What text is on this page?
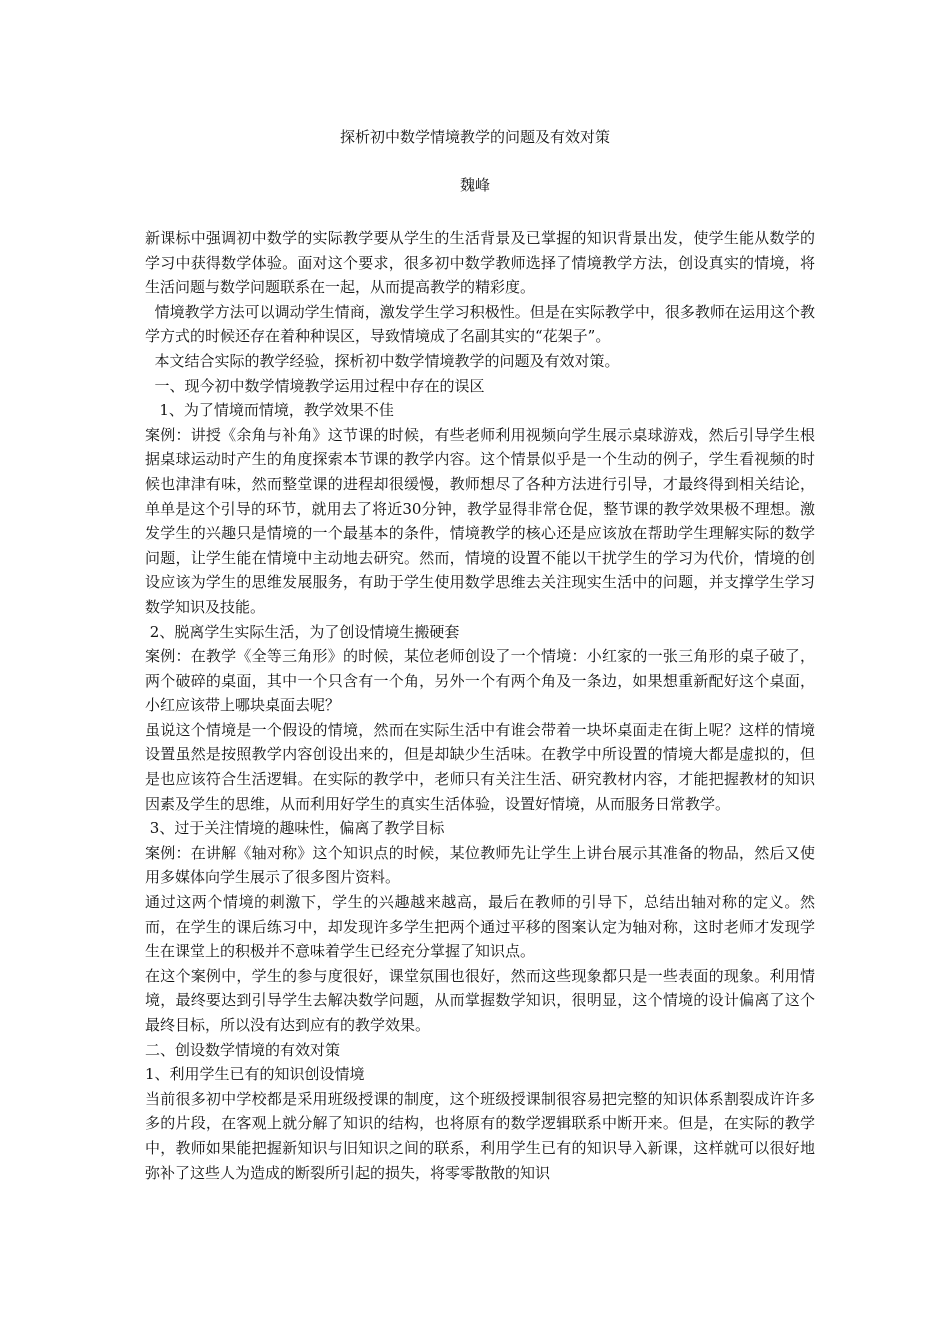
探析初中数学情境教学的问题及有效对策
魏峰

新课标中强调初中数学的实际教学要从学生的生活背景及已掌握的知识背景出发，使学生能从数学的学习中获得数学体验。面对这个要求，很多初中数学教师选择了情境教学方法，创设真实的情境，将生活问题与数学问题联系在一起，从而提高教学的精彩度。

情境教学方法可以调动学生情商，激发学生学习积极性。但是在实际教学中，很多教师在运用这个教学方式的时候还存在着种种误区，导致情境成了名副其实的“花架子”。

本文结合实际的教学经验，探析初中数学情境教学的问题及有效对策。

一、现今初中数学情境教学运用过程中存在的误区

1、为了情境而情境，教学效果不佳

案例：讲授《余角与补角》这节课的时候，有些老师利用视频向学生展示桌球游戏，然后引导学生根据桌球运动时产生的角度探索本节课的教学内容。这个情景似乎是一个生动的例子，学生看视频的时候也津津有味，然而整堂课的进程却很缓慢，教师想尽了各种方法进行引导，才最终得到相关结论，单单是这个引导的环节，就用去了将近30分钟，教学显得非常仓促，整节课的教学效果极不理想。激发学生的兴趣只是情境的一个最基本的条件，情境教学的核心还是应该放在帮助学生理解实际的数学问题，让学生能在情境中主动地去研究。然而，情境的设置不能以干扰学生的学习为代价，情境的创设应该为学生的思维发展服务，有助于学生使用数学思维去关注现实生活中的问题，并支撑学生学习数学知识及技能。

2、脱离学生实际生活，为了创设情境生搬硬套

案例：在教学《全等三角形》的时候，某位老师创设了一个情境：小红家的一张三角形的桌子破了，两个破碎的桌面，其中一个只含有一个角，另外一个有两个角及一条边，如果想重新配好这个桌面，小红应该带上哪块桌面去呢？

虽说这个情境是一个假设的情境，然而在实际生活中有谁会带着一块坏桌面走在街上呢？这样的情境设置虽然是按照教学内容创设出来的，但是却缺少生活味。在教学中所设置的情境大都是虚拟的，但是也应该符合生活逻辑。在实际的教学中，老师只有关注生活、研究教材内容，才能把握教材的知识因素及学生的思维，从而利用好学生的真实生活体验，设置好情境，从而服务日常教学。

3、过于关注情境的趣味性，偏离了教学目标

案例：在讲解《轴对称》这个知识点的时候，某位教师先让学生上讲台展示其准备的物品，然后又使用多媒体向学生展示了很多图片资料。

通过这两个情境的刺激下，学生的兴趣越来越高，最后在教师的引导下，总结出轴对称的定义。然而，在学生的课后练习中，却发现许多学生把两个通过平移的图案认定为轴对称，这时老师才发现学生在课堂上的积极并不意味着学生已经充分掌握了知识点。

在这个案例中，学生的参与度很好，课堂氛围也很好，然而这些现象都只是一些表面的现象。利用情境，最终要达到引导学生去解决数学问题，从而掌握数学知识，很明显，这个情境的设计偏离了这个最终目标，所以没有达到应有的教学效果。

二、创设数学情境的有效对策

1、利用学生已有的知识创设情境

当前很多初中学校都是采用班级授课的制度，这个班级授课制很容易把完整的知识体系割裂成许许多多的片段，在客观上就分解了知识的结构，也将原有的数学逻辑联系中断开来。但是，在实际的教学中，教师如果能把握新知识与旧知识之间的联系，利用学生已有的知识导入新课，这样就可以很好地弥补了这些人为造成的断裂所引起的损失，将零零散散的知识
